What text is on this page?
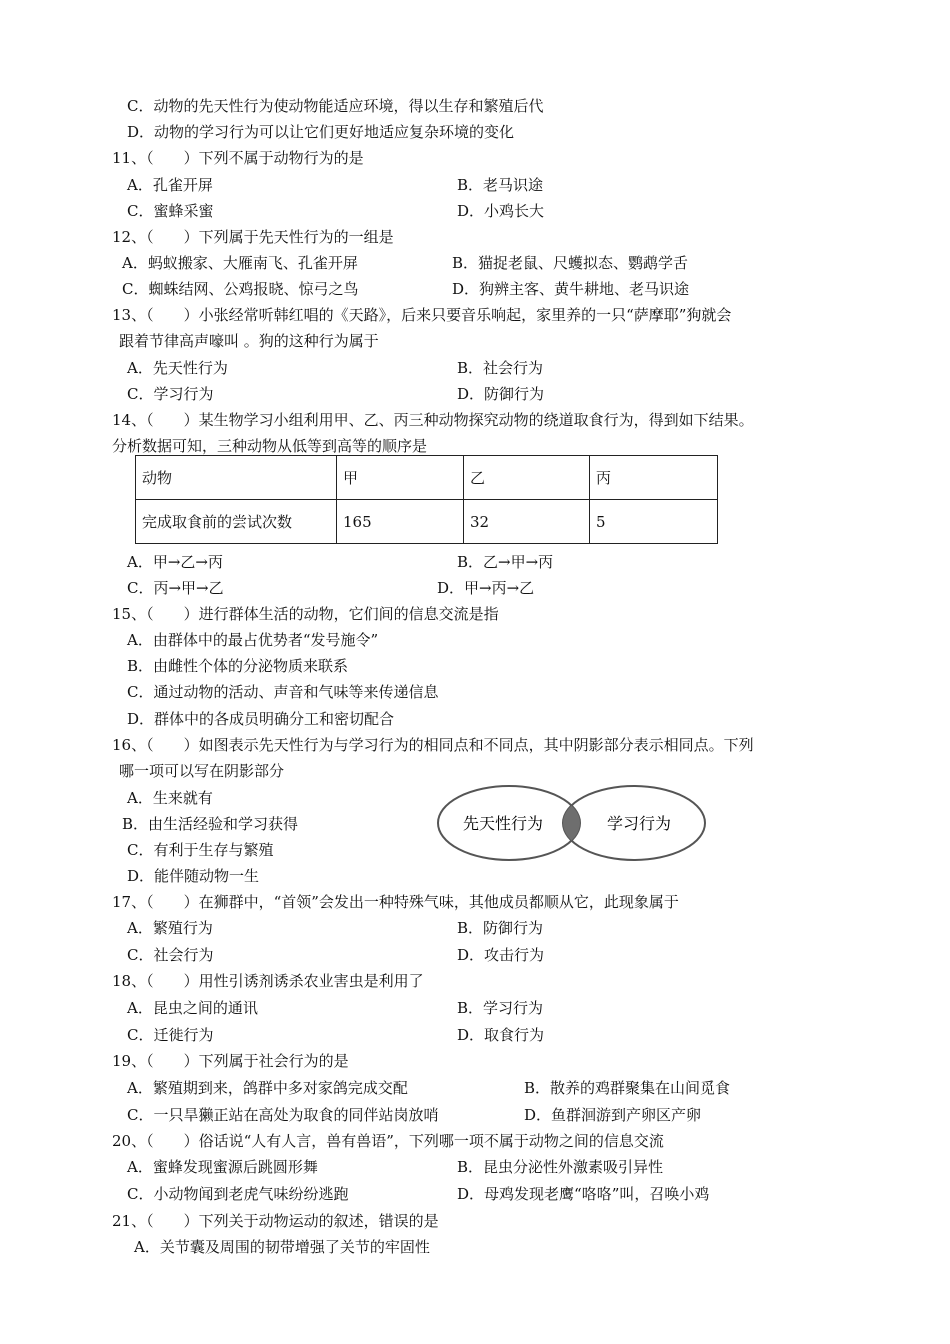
C．动物的先天性行为使动物能适应环境，得以生存和繁殖后代
D．动物的学习行为可以让它们更好地适应复杂环境的变化
11、（　　）下列不属于动物行为的是
A．孔雀开屏	B．老马识途
C．蜜蜂采蜜	D．小鸡长大
12、（　　）下列属于先天性行为的一组是
A．蚂蚁搬家、大雁南飞、孔雀开屏	B．猫捉老鼠、尺蠖拟态、鹦鹉学舌
C．蜘蛛结网、公鸡报晓、惊弓之鸟	D．狗辨主客、黄牛耕地、老马识途
13、（　　）小张经常听韩红唱的《天路》，后来只要音乐响起，家里养的一只“萨摩耶”狗就会
跟着节律高声嚎叫 。狗的这种行为属于
A．先天性行为	B．社会行为
C．学习行为	D．防御行为
14、（　　）某生物学习小组利用甲、乙、丙三种动物探究动物的绕道取食行为，得到如下结果。
分析数据可知，三种动物从低等到高等的顺序是
A．甲→乙→丙	B．乙→甲→丙
C．丙→甲→乙	D．甲→丙→乙
15、（　　）进行群体生活的动物，它们间的信息交流是指
A．由群体中的最占优势者“发号施令”
B．由雌性个体的分泌物质来联系
C．通过动物的活动、声音和气味等来传递信息
D．群体中的各成员明确分工和密切配合
16、（　　）如图表示先天性行为与学习行为的相同点和不同点，其中阴影部分表示相同点。下列
哪一项可以写在阴影部分
A．生来就有
B．由生活经验和学习获得
C．有利于生存与繁殖
D．能伴随动物一生
17、（　　）在狮群中，“首领”会发出一种特殊气味，其他成员都顺从它，此现象属于
A．繁殖行为	B．防御行为
C．社会行为	D．攻击行为
18、（　　）用性引诱剂诱杀农业害虫是利用了
A．昆虫之间的通讯	B．学习行为
C．迁徙行为	D．取食行为
19、（　　）下列属于社会行为的是
A．繁殖期到来，鸽群中多对家鸽完成交配	B．散养的鸡群聚集在山间觅食
C．一只旱獭正站在高处为取食的同伴站岗放哨	D．鱼群洄游到产卵区产卵
20、（　　）俗话说“人有人言，兽有兽语”，下列哪一项不属于动物之间的信息交流
A．蜜蜂发现蜜源后跳圆形舞	B．昆虫分泌性外激素吸引异性
C．小动物闻到老虎气味纷纷逃跑	D．母鸡发现老鹰“咯咯”叫，召唤小鸡
21、（　　）下列关于动物运动的叙述，错误的是
A．关节囊及周围的韧带增强了关节的牢固性
动物	甲	乙	丙
完成取食前的尝试次数	165	32	5
先天性行为	学习行为
